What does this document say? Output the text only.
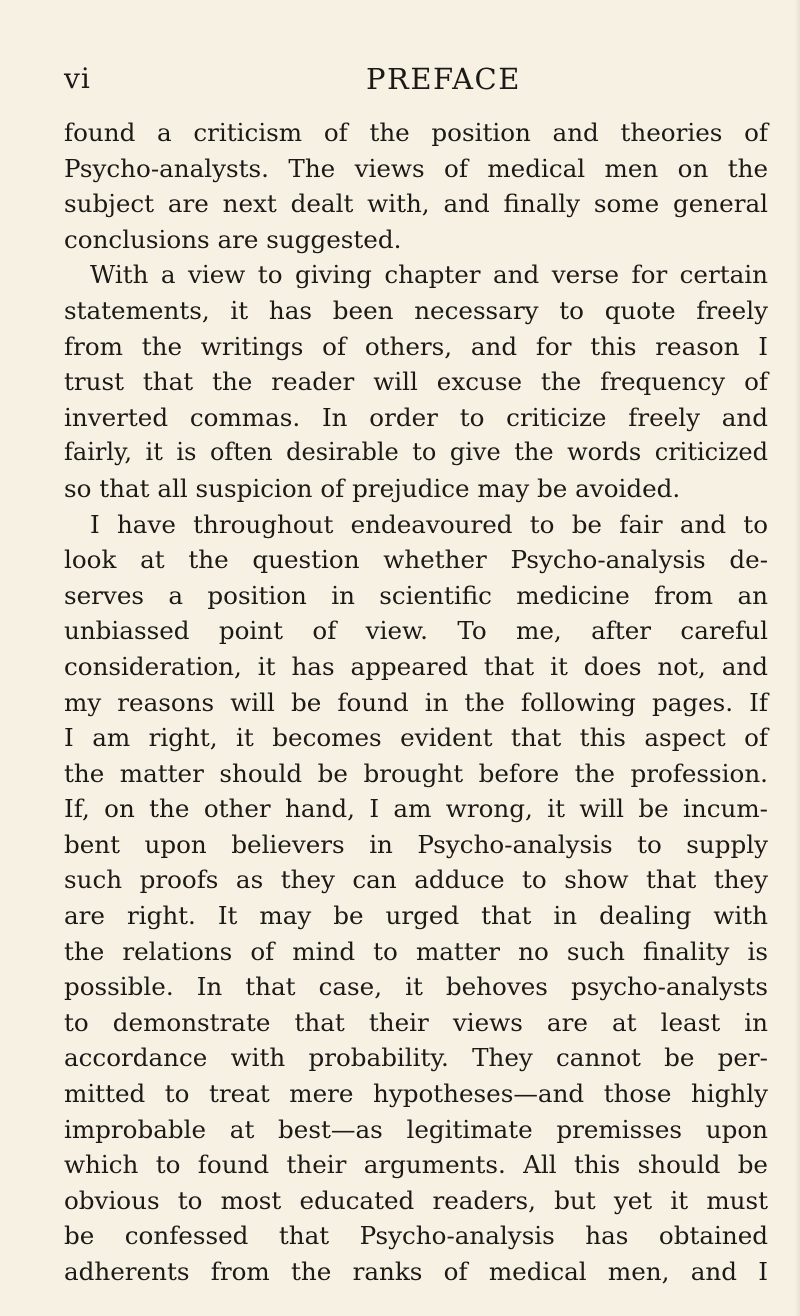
vi	PREFACE
found a criticism of the position and theories of
Psycho-analysts. The views of medical men on the
subject are next dealt with, and finally some general
conclusions are suggested.
With a view to giving chapter and verse for certain
statements, it has been necessary to quote freely
from the writings of others, and for this reason I
trust that the reader will excuse the frequency of
inverted commas. In order to criticize freely and
fairly, it is often desirable to give the words criticized
so that all suspicion of prejudice may be avoided.
I have throughout endeavoured to be fair and to
look at the question whether Psycho-analysis de-
serves a position in scientific medicine from an
unbiassed point of view. To me, after careful
consideration, it has appeared that it does not, and
my reasons will be found in the following pages. If
I am right, it becomes evident that this aspect of
the matter should be brought before the profession.
If, on the other hand, I am wrong, it will be incum-
bent upon believers in Psycho-analysis to supply
such proofs as they can adduce to show that they
are right. It may be urged that in dealing with
the relations of mind to matter no such finality is
possible. In that case, it behoves psycho-analysts
to demonstrate that their views are at least in
accordance with probability. They cannot be per-
mitted to treat mere hypotheses—and those highly
improbable at best—as legitimate premisses upon
which to found their arguments. All this should be
obvious to most educated readers, but yet it must
be confessed that Psycho-analysis has obtained
adherents from the ranks of medical men, and I
